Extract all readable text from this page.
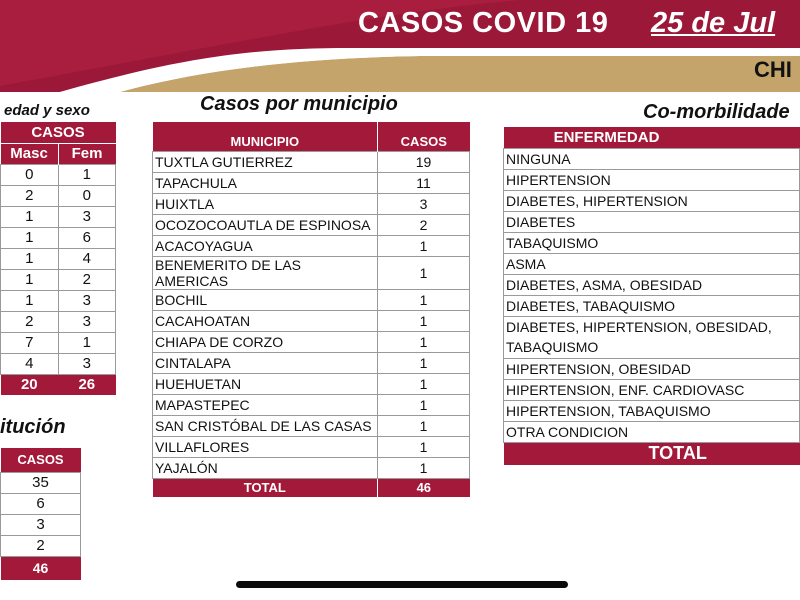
CASOS COVID 19 25 de Jul
CHI
edad y sexo
CASOS	
Masc	Fem
0	1
2	0
1	3
1	6
1	4
1	2
1	3
2	3
7	1
4	3
20	26
itución
CASOS
35
6
3
2
46
Casos por municipio
MUNICIPIO	CASOS
TUXTLA GUTIERREZ	19
TAPACHULA	11
HUIXTLA	3
OCOZOCOAUTLA DE ESPINOSA	2
ACACOYAGUA	1
BENEMERITO DE LAS AMERICAS	1
BOCHIL	1
CACAHOATAN	1
CHIAPA DE CORZO	1
CINTALAPA	1
HUEHUETAN	1
MAPASTEPEC	1
SAN CRISTÓBAL DE LAS CASAS	1
VILLAFLORES	1
YAJALÓN	1
TOTAL	46
Co-morbilidade
ENFERMEDAD
NINGUNA
HIPERTENSION
DIABETES, HIPERTENSION
DIABETES
TABAQUISMO
ASMA
DIABETES, ASMA, OBESIDAD
DIABETES, TABAQUISMO
DIABETES, HIPERTENSION, OBESIDAD,
TABAQUISMO
HIPERTENSION, OBESIDAD
HIPERTENSION, ENF. CARDIOVASC
HIPERTENSION, TABAQUISMO
OTRA CONDICION
TOTAL
